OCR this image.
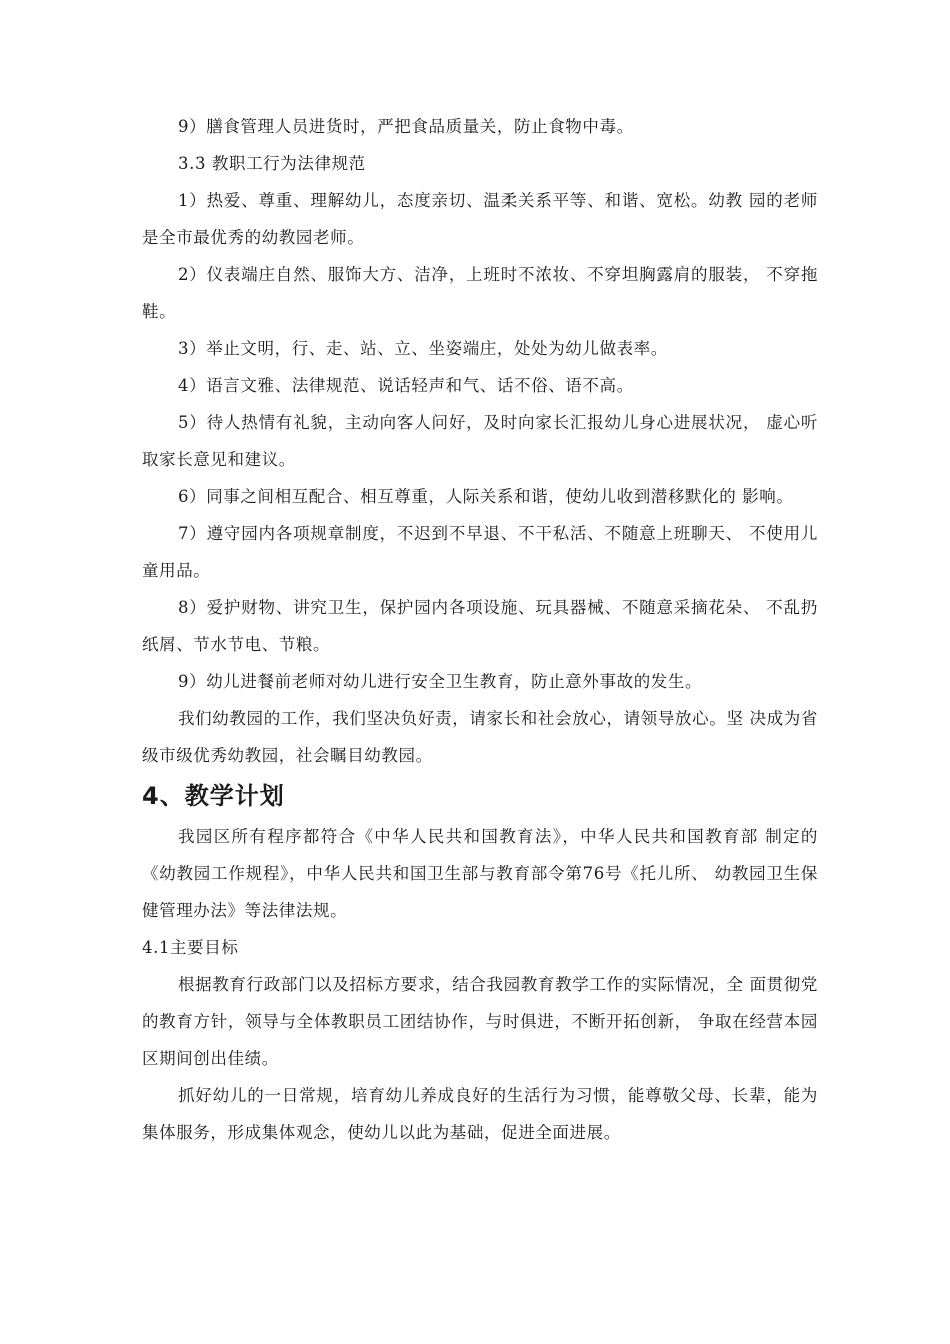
9）膳食管理人员进货时，严把食品质量关，防止食物中毒。

3.3 教职工行为法律规范

1）热爱、尊重、理解幼儿，态度亲切、温柔关系平等、和谐、宽松。幼教 园的老师是全市最优秀的幼教园老师。

2）仪表端庄自然、服饰大方、洁净，上班时不浓妆、不穿坦胸露肩的服装， 不穿拖鞋。

3）举止文明，行、走、站、立、坐姿端庄，处处为幼儿做表率。

4）语言文雅、法律规范、说话轻声和气、话不俗、语不高。

5）待人热情有礼貌，主动向客人问好，及时向家长汇报幼儿身心进展状况， 虚心听取家长意见和建议。

6）同事之间相互配合、相互尊重，人际关系和谐，使幼儿收到潜移默化的 影响。

7）遵守园内各项规章制度，不迟到不早退、不干私活、不随意上班聊天、 不使用儿童用品。

8）爱护财物、讲究卫生，保护园内各项设施、玩具器械、不随意采摘花朵、 不乱扔纸屑、节水节电、节粮。

9）幼儿进餐前老师对幼儿进行安全卫生教育，防止意外事故的发生。

我们幼教园的工作，我们坚决负好责，请家长和社会放心，请领导放心。坚 决成为省级市级优秀幼教园，社会瞩目幼教园。

4、教学计划

我园区所有程序都符合《中华人民共和国教育法》，中华人民共和国教育部 制定的《幼教园工作规程》，中华人民共和国卫生部与教育部令第76号《托儿所、 幼教园卫生保健管理办法》等法律法规。

4.1主要目标

根据教育行政部门以及招标方要求，结合我园教育教学工作的实际情况，全 面贯彻党的教育方针，领导与全体教职员工团结协作，与时俱进，不断开拓创新， 争取在经营本园区期间创出佳绩。

抓好幼儿的一日常规，培育幼儿养成良好的生活行为习惯，能尊敬父母、长辈，能为集体服务，形成集体观念，使幼儿以此为基础，促进全面进展。
